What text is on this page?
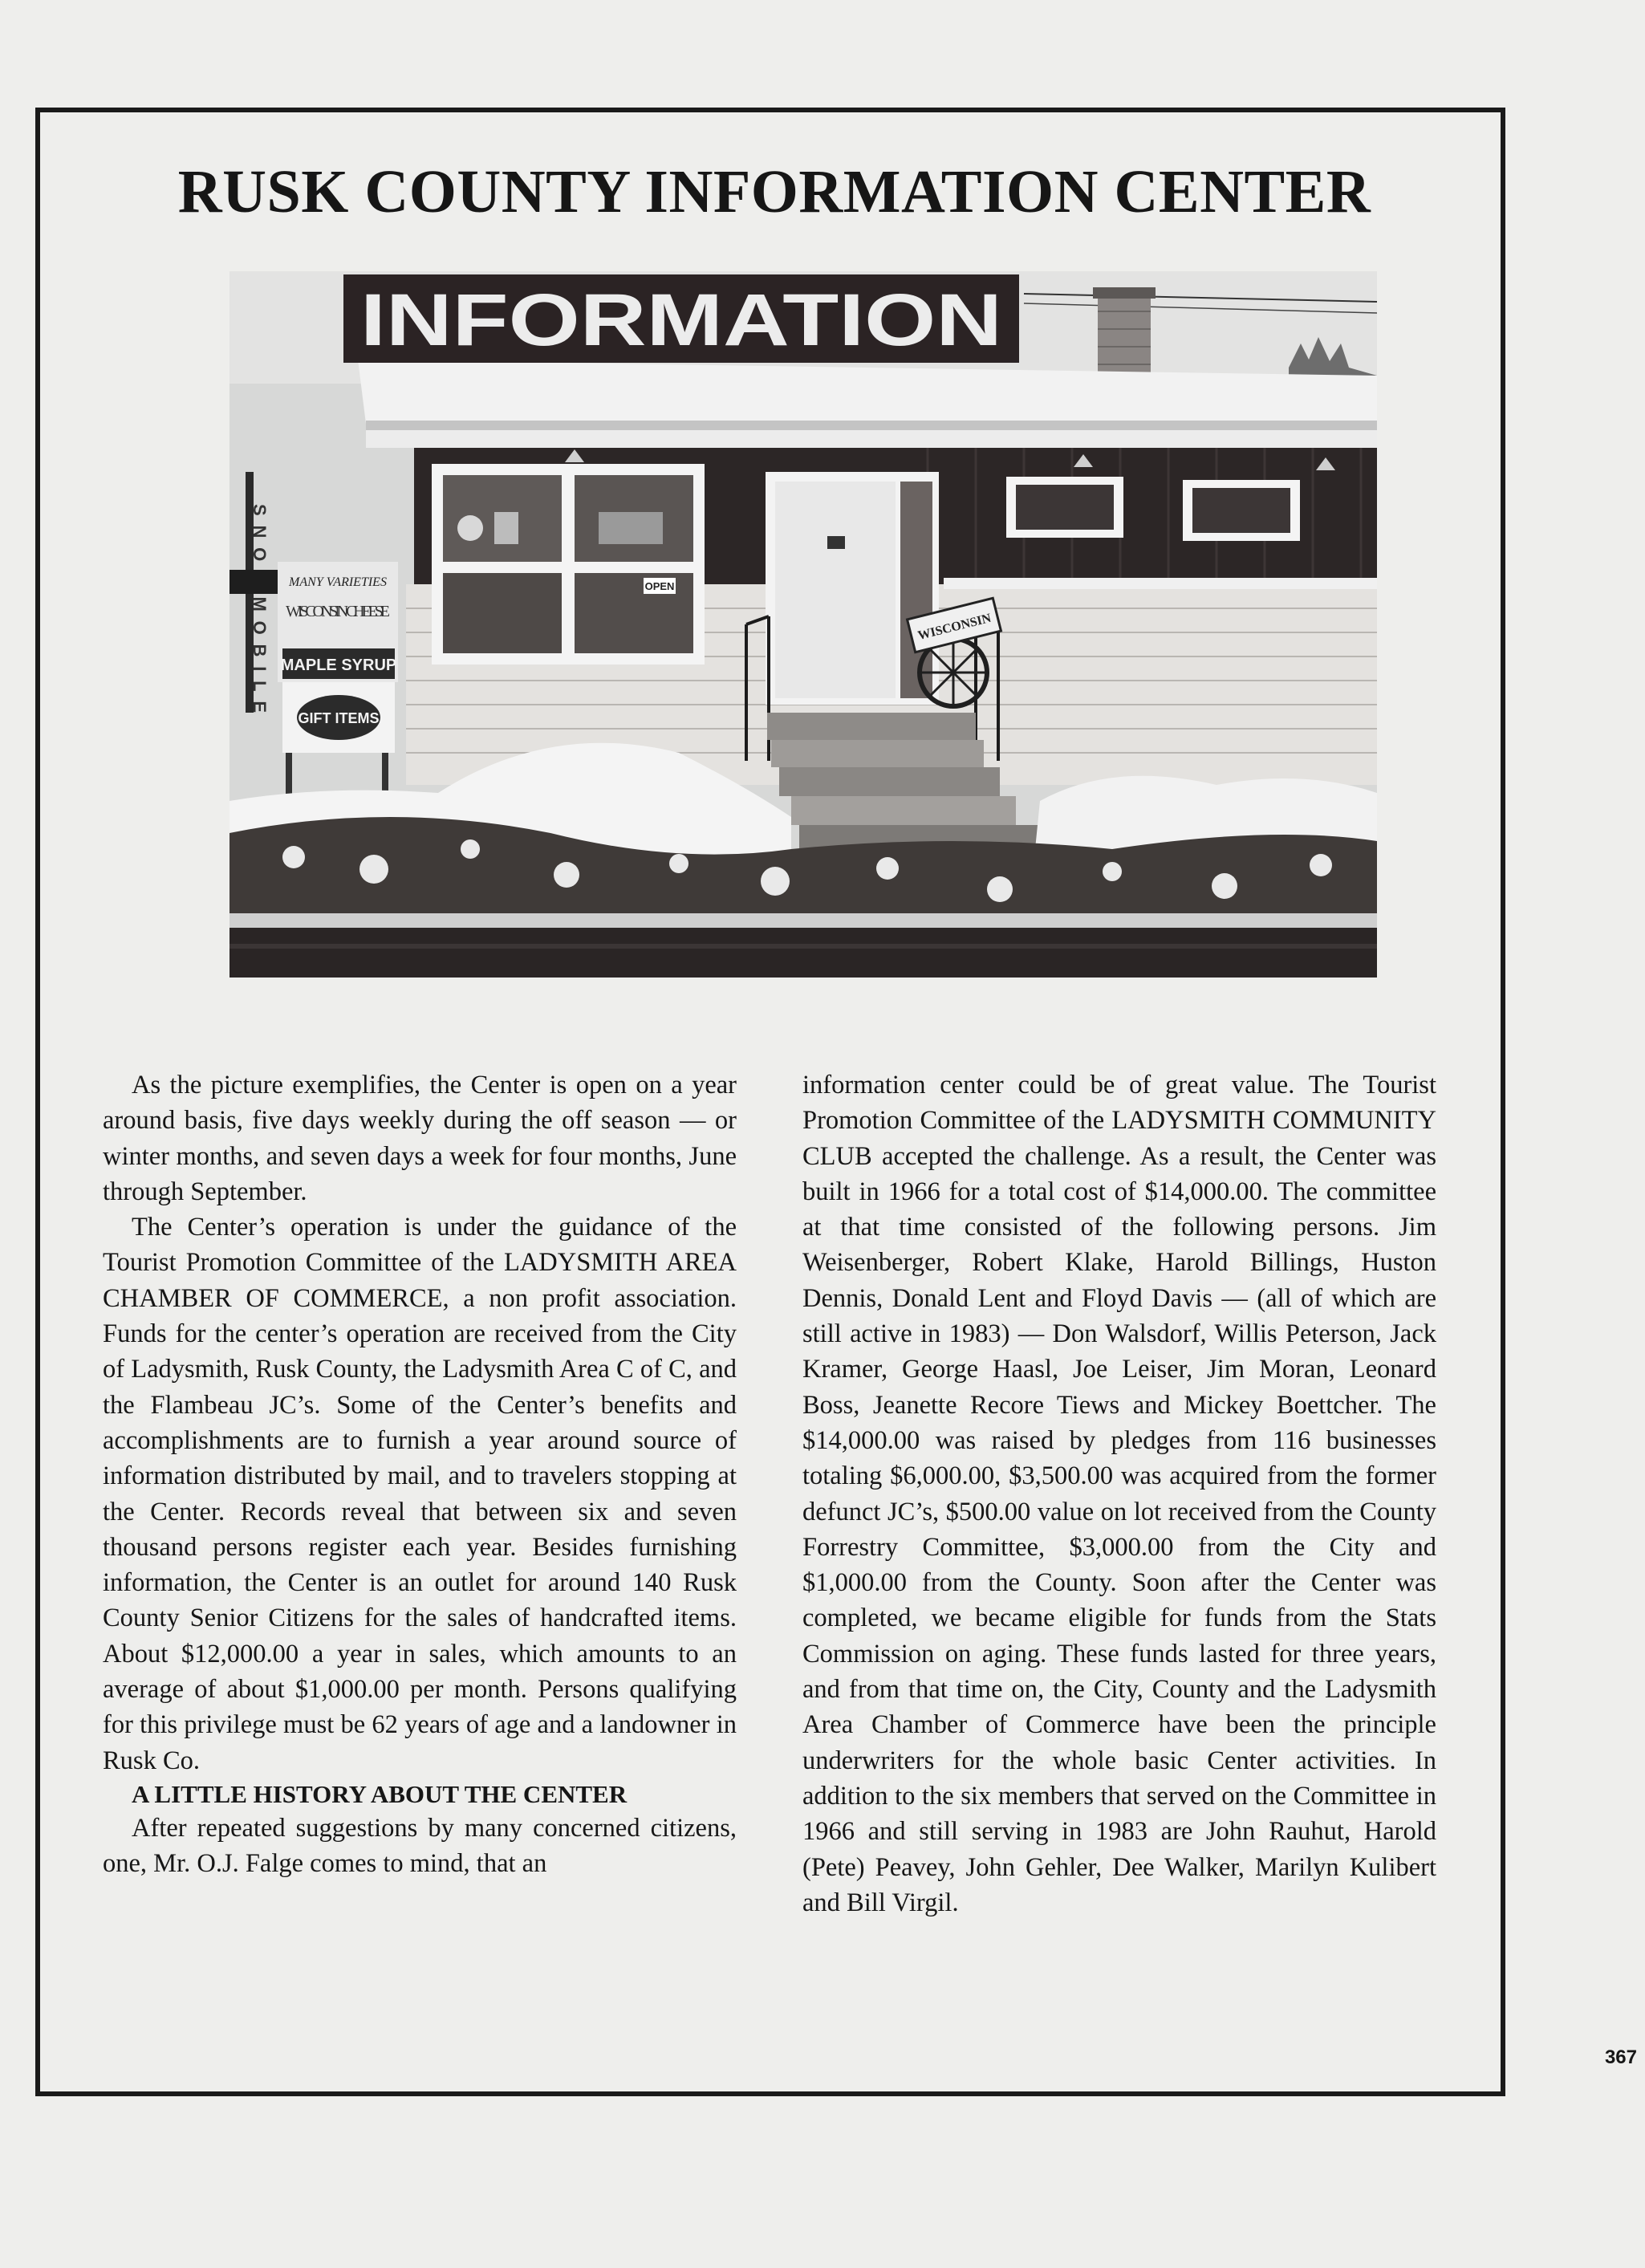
RUSK COUNTY INFORMATION CENTER
OPEN
WISCONSIN
SNO MOBILE
MANY VARIETIES
WISCONSIN CHEESE
MAPLE SYRUP
GIFT ITEMS
INFORMATION

As the picture exemplifies, the Center is open on a year around basis, five days weekly during the off season — or winter months, and seven days a week for four months, June through September.

The Center’s operation is under the guidance of the Tourist Promotion Committee of the LADYSMITH AREA CHAMBER OF COMMERCE, a non profit association. Funds for the center’s operation are received from the City of Ladysmith, Rusk County, the Ladysmith Area C of C, and the Flambeau JC’s. Some of the Center’s benefits and accomplishments are to furnish a year around source of information distributed by mail, and to travelers stopping at the Center. Records reveal that between six and seven thousand persons register each year. Besides furnishing information, the Center is an outlet for around 140 Rusk County Senior Citizens for the sales of handcrafted items. About $12,000.00 a year in sales, which amounts to an average of about $1,000.00 per month. Persons qualifying for this privilege must be 62 years of age and a landowner in Rusk Co.

A LITTLE HISTORY ABOUT THE CENTER

After repeated suggestions by many concerned citizens, one, Mr. O.J. Falge comes to mind, that an

information center could be of great value. The Tourist Promotion Committee of the LADYSMITH COMMUNITY CLUB accepted the challenge. As a result, the Center was built in 1966 for a total cost of $14,000.00. The committee at that time consisted of the following persons. Jim Weisenberger, Robert Klake, Harold Billings, Huston Dennis, Donald Lent and Floyd Davis — (all of which are still active in 1983) — Don Walsdorf, Willis Peterson, Jack Kramer, George Haasl, Joe Leiser, Jim Moran, Leonard Boss, Jeanette Recore Tiews and Mickey Boettcher. The $14,000.00 was raised by pledges from 116 businesses totaling $6,000.00, $3,500.00 was acquired from the former defunct JC’s, $500.00 value on lot received from the County Forrestry Committee, $3,000.00 from the City and $1,000.00 from the County. Soon after the Center was completed, we became eligible for funds from the Stats Commission on aging. These funds lasted for three years, and from that time on, the City, County and the Ladysmith Area Chamber of Commerce have been the principle underwriters for the whole basic Center activities. In addition to the six members that served on the Committee in 1966 and still serving in 1983 are John Rauhut, Harold (Pete) Peavey, John Gehler, Dee Walker, Marilyn Kulibert and Bill Virgil.

367
